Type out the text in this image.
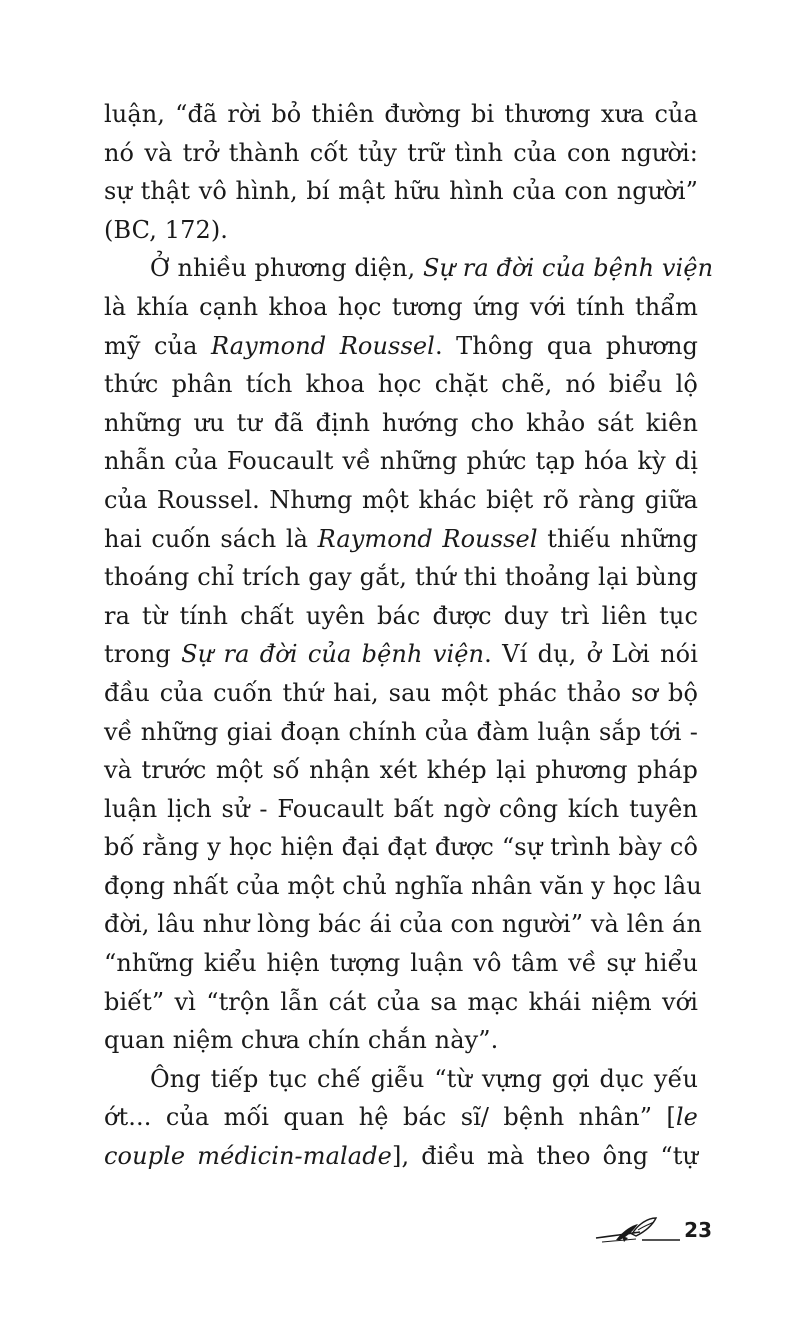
luận, “đã rời bỏ thiên đường bi thương xưa của
nó và trở thành cốt tủy trữ tình của con người:
sự thật vô hình, bí mật hữu hình của con người”
(BC, 172).
Ở nhiều phương diện, Sự ra đời của bệnh viện
là khía cạnh khoa học tương ứng với tính thẩm
mỹ của Raymond Roussel. Thông qua phương
thức phân tích khoa học chặt chẽ, nó biểu lộ
những ưu tư đã định hướng cho khảo sát kiên
nhẫn của Foucault về những phức tạp hóa kỳ dị
của Roussel. Nhưng một khác biệt rõ ràng giữa
hai cuốn sách là Raymond Roussel thiếu những
thoáng chỉ trích gay gắt, thứ thi thoảng lại bùng
ra từ tính chất uyên bác được duy trì liên tục
trong Sự ra đời của bệnh viện. Ví dụ, ở Lời nói
đầu của cuốn thứ hai, sau một phác thảo sơ bộ
về những giai đoạn chính của đàm luận sắp tới -
và trước một số nhận xét khép lại phương pháp
luận lịch sử - Foucault bất ngờ công kích tuyên
bố rằng y học hiện đại đạt được “sự trình bày cô
đọng nhất của một chủ nghĩa nhân văn y học lâu
đời, lâu như lòng bác ái của con người” và lên án
“những kiểu hiện tượng luận vô tâm về sự hiểu
biết” vì “trộn lẫn cát của sa mạc khái niệm với
quan niệm chưa chín chắn này”.
Ông tiếp tục chế giễu “từ vựng gợi dục yếu
ớt... của mối quan hệ bác sĩ/ bệnh nhân” [le
couple médicin-malade], điều mà theo ông “tự
23
